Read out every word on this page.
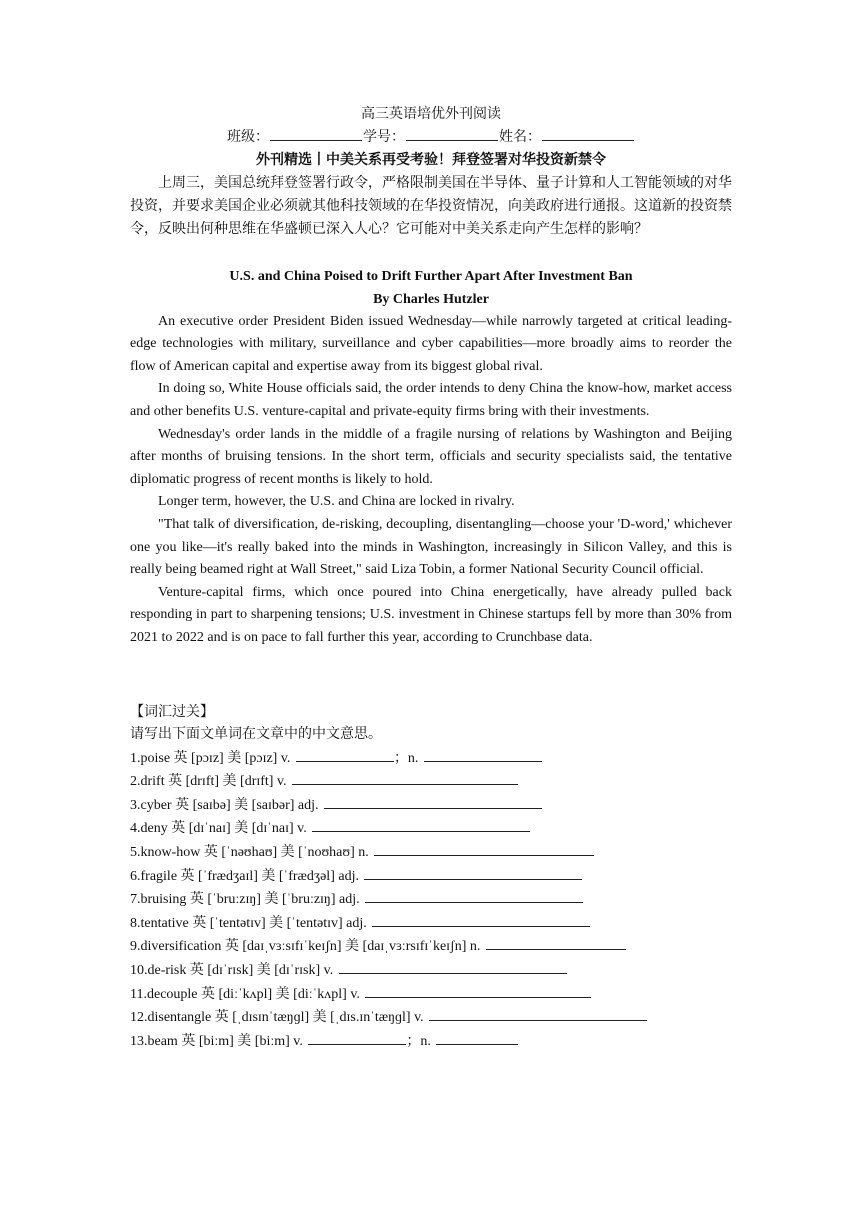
高三英语培优外刊阅读
班级：	学号：	姓名：
外刊精选丨中美关系再受考验！拜登签署对华投资新禁令

上周三，美国总统拜登签署行政令，严格限制美国在半导体、量子计算和人工智能领域的对华投资，并要求美国企业必须就其他科技领域的在华投资情况，向美政府进行通报。这道新的投资禁令，反映出何种思维在华盛顿已深入人心？它可能对中美关系走向产生怎样的影响？

U.S. and China Poised to Drift Further Apart After Investment Ban
By Charles Hutzler

An executive order President Biden issued Wednesday—while narrowly targeted at critical leading-edge technologies with military, surveillance and cyber capabilities—more broadly aims to reorder the flow of American capital and expertise away from its biggest global rival.

In doing so, White House officials said, the order intends to deny China the know-how, market access and other benefits U.S. venture-capital and private-equity firms bring with their investments.

Wednesday's order lands in the middle of a fragile nursing of relations by Washington and Beijing after months of bruising tensions. In the short term, officials and security specialists said, the tentative diplomatic progress of recent months is likely to hold.

Longer term, however, the U.S. and China are locked in rivalry.

"That talk of diversification, de-risking, decoupling, disentangling—choose your 'D-word,' whichever one you like—it's really baked into the minds in Washington, increasingly in Silicon Valley, and this is really being beamed right at Wall Street," said Liza Tobin, a former National Security Council official.

Venture-capital firms, which once poured into China energetically, have already pulled back responding in part to sharpening tensions; U.S. investment in Chinese startups fell by more than 30% from 2021 to 2022 and is on pace to fall further this year, according to Crunchbase data.

【词汇过关】
请写出下面文单词在文章中的中文意思。
1.poise 英 [pɔɪz] 美 [pɔɪz] v.	；n.
2.drift 英 [drɪft] 美 [drɪft] v.
3.cyber 英 [saɪbə] 美 [saɪbər] adj.
4.deny 英 [dɪˈnaɪ] 美 [dɪˈnaɪ] v.
5.know-how 英 [ˈnəʊhaʊ] 美 [ˈnoʊhaʊ] n.
6.fragile 英 [ˈfrædʒaɪl] 美 [ˈfrædʒəl] adj.
7.bruising 英 [ˈbruːzɪŋ] 美 [ˈbruːzɪŋ] adj.
8.tentative 英 [ˈtentətɪv] 美 [ˈtentətɪv] adj.
9.diversification 英 [daɪˌvɜːsɪfɪˈkeɪʃn] 美 [daɪˌvɜːrsɪfɪˈkeɪʃn] n.
10.de-risk 英 [dɪˈrɪsk] 美 [dɪˈrɪsk] v.
11.decouple 英 [diːˈkʌpl] 美 [diːˈkʌpl] v.
12.disentangle 英 [ˌdɪsɪnˈtæŋɡl] 美 [ˌdɪs.ɪnˈtæŋɡl] v.
13.beam 英 [biːm] 美 [biːm] v.	；n.
